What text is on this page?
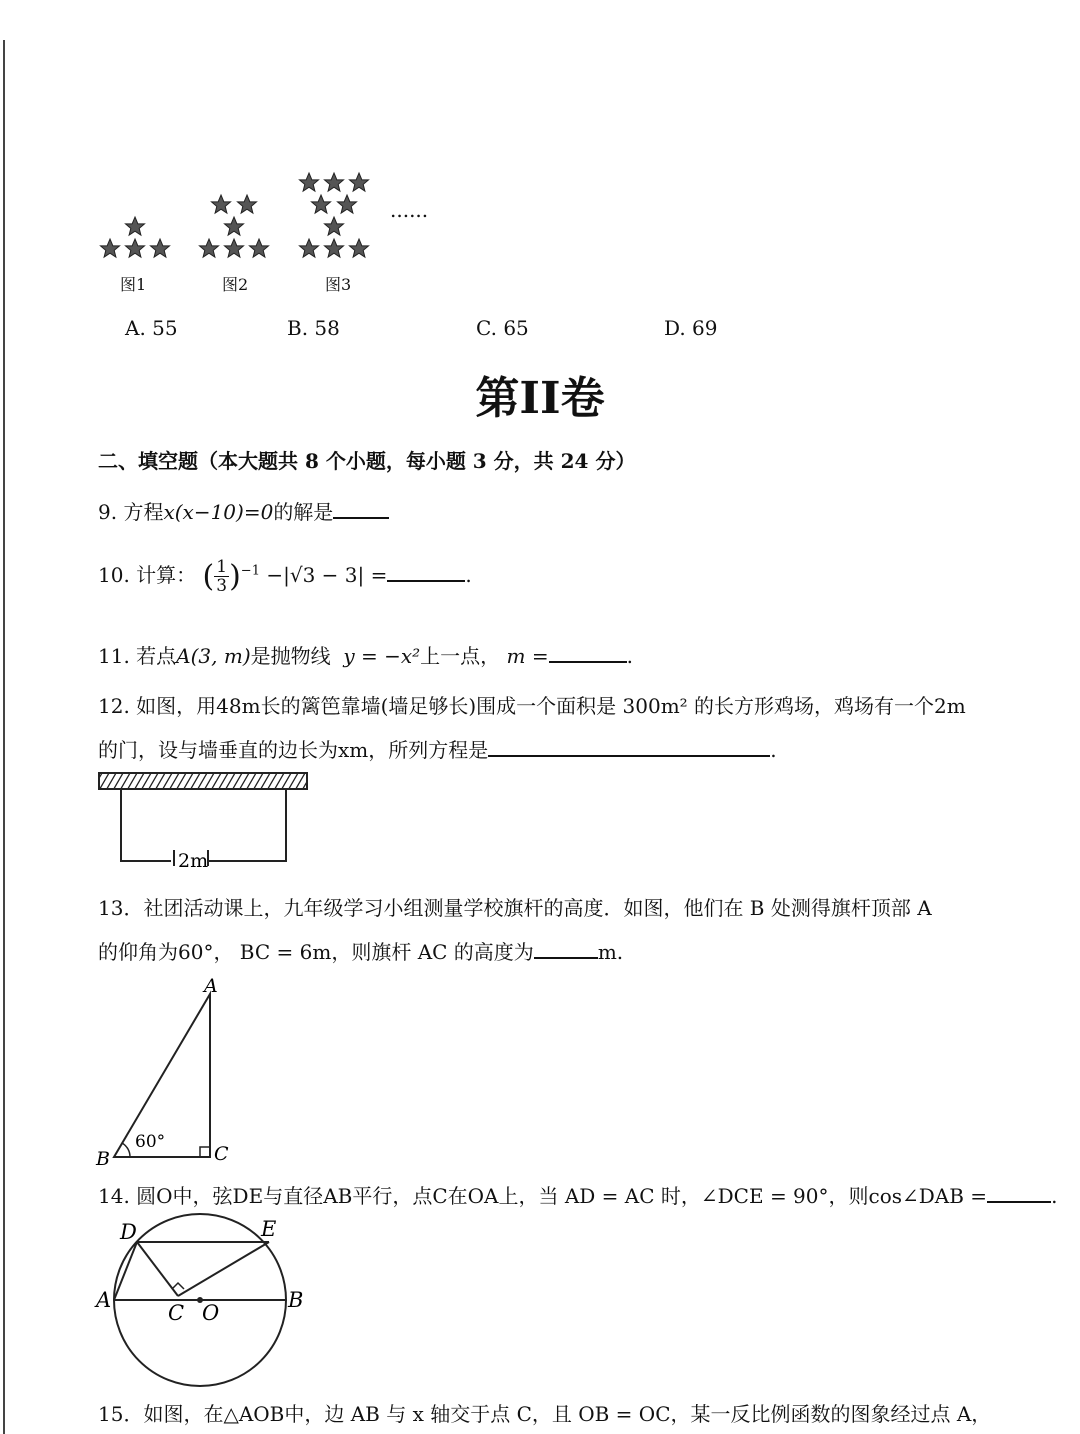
......
图1	图2	图3
A. 55	B. 58	C. 65	D. 69
第II卷
二、填空题（本大题共 8 个小题，每小题 3 分，共 24 分）
9. 方程x(x−10)=0的解是
10. 计算： ( $\frac{1}{3} )^{-1} -|√3 - 3|$ =	.
11. 若点A(3, m)是抛物线 y = −x²上一点， m =	.
12. 如图，用48m长的篱笆靠墙(墙足够长)围成一个面积是 300m² 的长方形鸡场，鸡场有一个2m
的门，设与墙垂直的边长为xm，所列方程是	.
2m
13．社团活动课上，九年级学习小组测量学校旗杆的高度．如图，他们在 B 处测得旗杆顶部 A
的仰角为60°， BC = 6m，则旗杆 AC 的高度为	m.
A
B	C
60°
14. 圆O中，弦DE与直径AB平行，点C在OA上，当 AD = AC 时，∠DCE = 90°，则cos∠DAB =	.
D	E
A	B
C O
15．如图，在△AOB中，边 AB 与 x 轴交于点 C，且 OB = OC，某一反比例函数的图象经过点 A，
